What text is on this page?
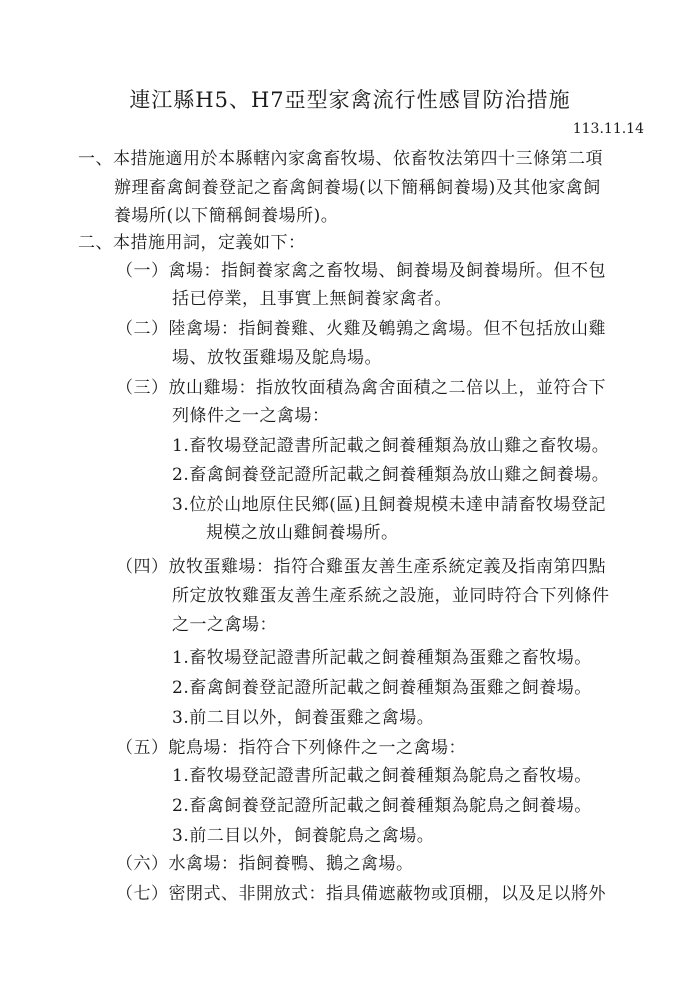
連江縣H5、H7亞型家禽流行性感冒防治措施
113.11.14
一、本措施適用於本縣轄內家禽畜牧場、依畜牧法第四十三條第二項
辦理畜禽飼養登記之畜禽飼養場(以下簡稱飼養場)及其他家禽飼
養場所(以下簡稱飼養場所)。
二、本措施用詞，定義如下：
（一）禽場：指飼養家禽之畜牧場、飼養場及飼養場所。但不包
括已停業，且事實上無飼養家禽者。
（二）陸禽場：指飼養雞、火雞及鵪鶉之禽場。但不包括放山雞
場、放牧蛋雞場及鴕鳥場。
（三）放山雞場：指放牧面積為禽舍面積之二倍以上，並符合下
列條件之一之禽場：
1.畜牧場登記證書所記載之飼養種類為放山雞之畜牧場。
2.畜禽飼養登記證所記載之飼養種類為放山雞之飼養場。
3.位於山地原住民鄉(區)且飼養規模未達申請畜牧場登記
規模之放山雞飼養場所。
（四）放牧蛋雞場：指符合雞蛋友善生產系統定義及指南第四點
所定放牧雞蛋友善生產系統之設施，並同時符合下列條件
之一之禽場：
1.畜牧場登記證書所記載之飼養種類為蛋雞之畜牧場。
2.畜禽飼養登記證所記載之飼養種類為蛋雞之飼養場。
3.前二目以外，飼養蛋雞之禽場。
（五）鴕鳥場：指符合下列條件之一之禽場：
1.畜牧場登記證書所記載之飼養種類為鴕鳥之畜牧場。
2.畜禽飼養登記證所記載之飼養種類為鴕鳥之飼養場。
3.前二目以外，飼養鴕鳥之禽場。
（六）水禽場：指飼養鴨、鵝之禽場。
（七）密閉式、非開放式：指具備遮蔽物或頂棚，以及足以將外
